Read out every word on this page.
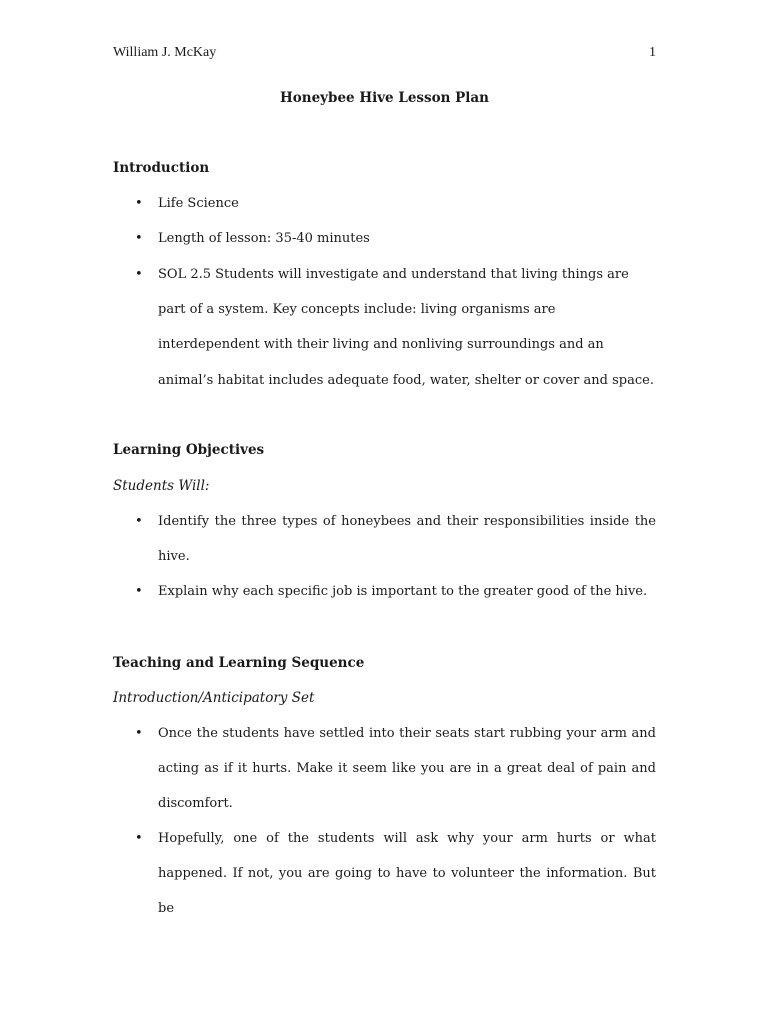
William J. McKay	1
Honeybee Hive Lesson Plan
Introduction
• Life Science
• Length of lesson: 35-40 minutes
• SOL 2.5 Students will investigate and understand that living things are part of a system. Key concepts include: living organisms are interdependent with their living and nonliving surroundings and an animal’s habitat includes adequate food, water, shelter or cover and space.
Learning Objectives
Students Will:
• Identify the three types of honeybees and their responsibilities inside the hive.
• Explain why each specific job is important to the greater good of the hive.
Teaching and Learning Sequence
Introduction/Anticipatory Set
• Once the students have settled into their seats start rubbing your arm and acting as if it hurts. Make it seem like you are in a great deal of pain and discomfort.
• Hopefully, one of the students will ask why your arm hurts or what happened. If not, you are going to have to volunteer the information. But be
